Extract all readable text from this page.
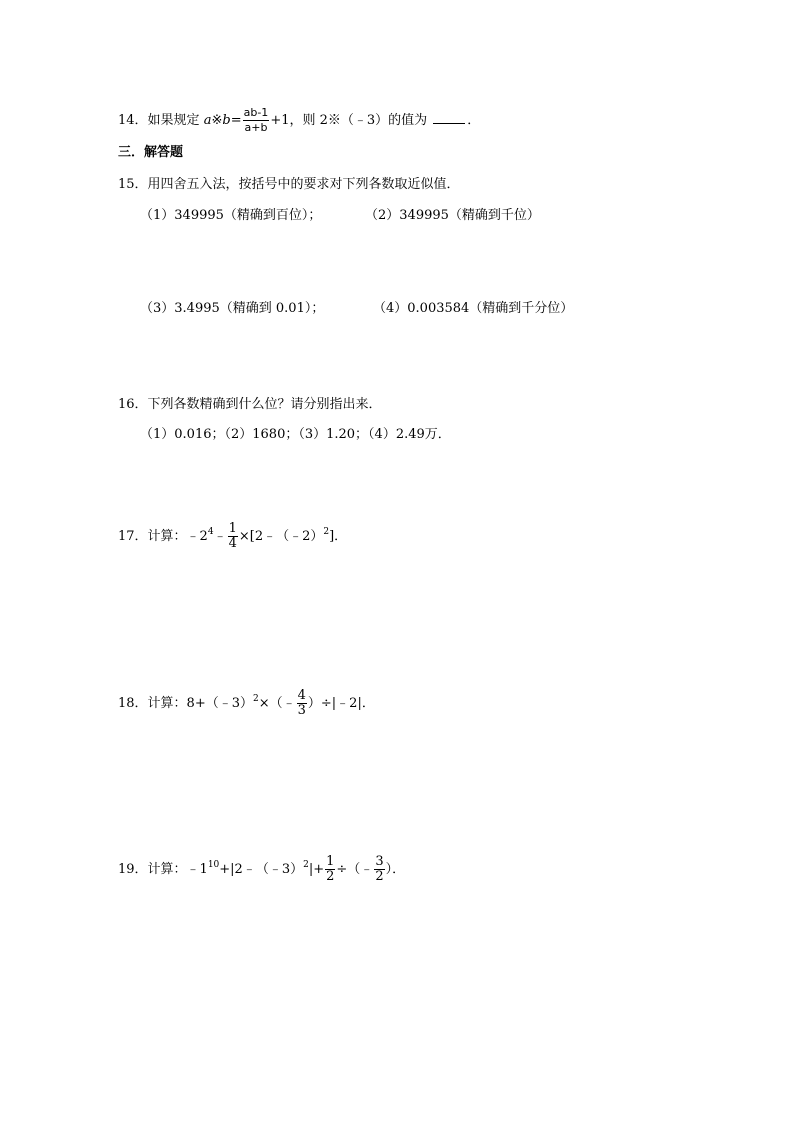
14．如果规定 a※b= $\frac{ab-1}{a+b} +1$，则 2※（﹣3）的值为	．
三．解答题
15．用四舍五入法，按括号中的要求对下列各数取近似值．
（1）349995（精确到百位）；	（2）349995（精确到千位）
（3）3.4995（精确到 0.01）；	（4）0.003584（精确到千分位）
16．下列各数精确到什么位？请分别指出来．
（1）0.016；（2）1680；（3）1.20；（4）2.49万．
17．计算：$﹣2^4﹣ \frac{1}{4}$ ×[2﹣（﹣2）$^2$]．
18．计算：8+（﹣3）$^2$×（﹣ $\frac{4}{3}$ ）÷|﹣2|．
19．计算：$﹣1^{10}+|2﹣(﹣3)^2|+ \frac{1}{2}$ ÷（﹣ $\frac{3}{2}$ ）．
